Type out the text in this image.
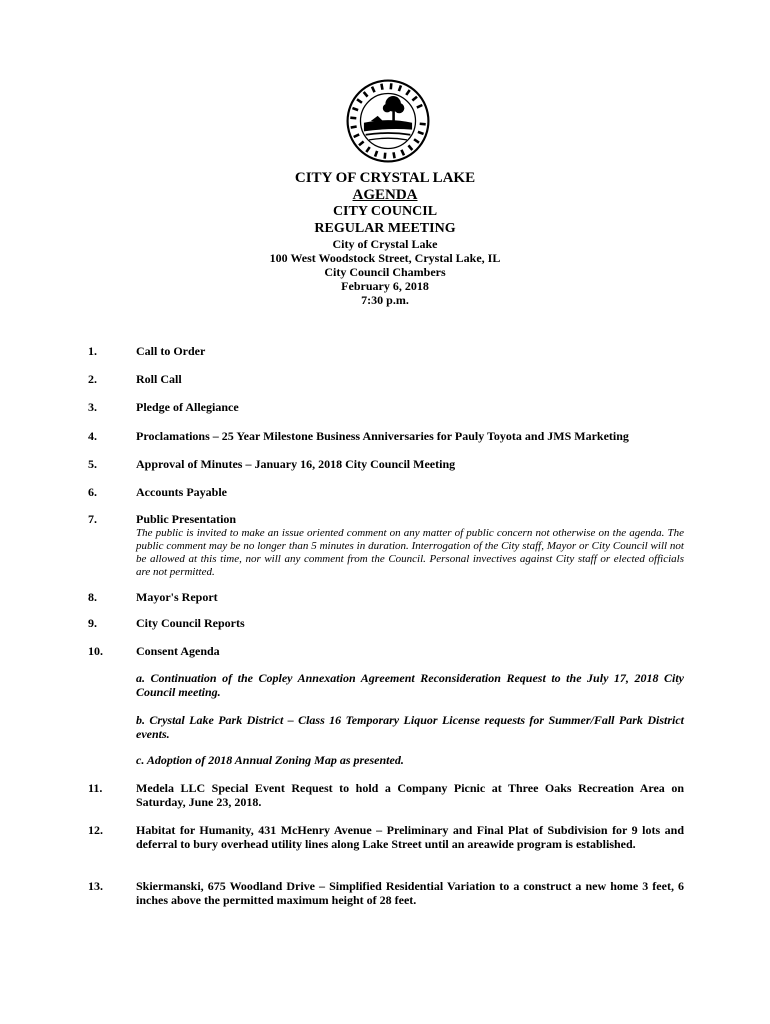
CITY OF CRYSTAL LAKE
AGENDA
CITY COUNCIL
REGULAR MEETING
City of Crystal Lake
100 West Woodstock Street, Crystal Lake, IL
City Council Chambers
February 6, 2018
7:30 p.m.
1.	Call to Order
2.	Roll Call
3.	Pledge of Allegiance
4.	Proclamations – 25 Year Milestone Business Anniversaries for Pauly Toyota and JMS Marketing
5.	Approval of Minutes – January 16, 2018 City Council Meeting
6.	Accounts Payable
7.	Public Presentation
The public is invited to make an issue oriented comment on any matter of public concern not otherwise on the agenda. The public comment may be no longer than 5 minutes in duration. Interrogation of the City staff, Mayor or City Council will not be allowed at this time, nor will any comment from the Council. Personal invectives against City staff or elected officials are not permitted.
8.	Mayor's Report
9.	City Council Reports
10.	Consent Agenda
a. Continuation of the Copley Annexation Agreement Reconsideration Request to the July 17, 2018 City Council meeting.
b. Crystal Lake Park District – Class 16 Temporary Liquor License requests for Summer/Fall Park District events.
c. Adoption of 2018 Annual Zoning Map as presented.
11.	Medela LLC Special Event Request to hold a Company Picnic at Three Oaks Recreation Area on Saturday, June 23, 2018.
12.	Habitat for Humanity, 431 McHenry Avenue – Preliminary and Final Plat of Subdivision for 9 lots and deferral to bury overhead utility lines along Lake Street until an areawide program is established.
13.	Skiermanski, 675 Woodland Drive – Simplified Residential Variation to a construct a new home 3 feet, 6 inches above the permitted maximum height of 28 feet.
